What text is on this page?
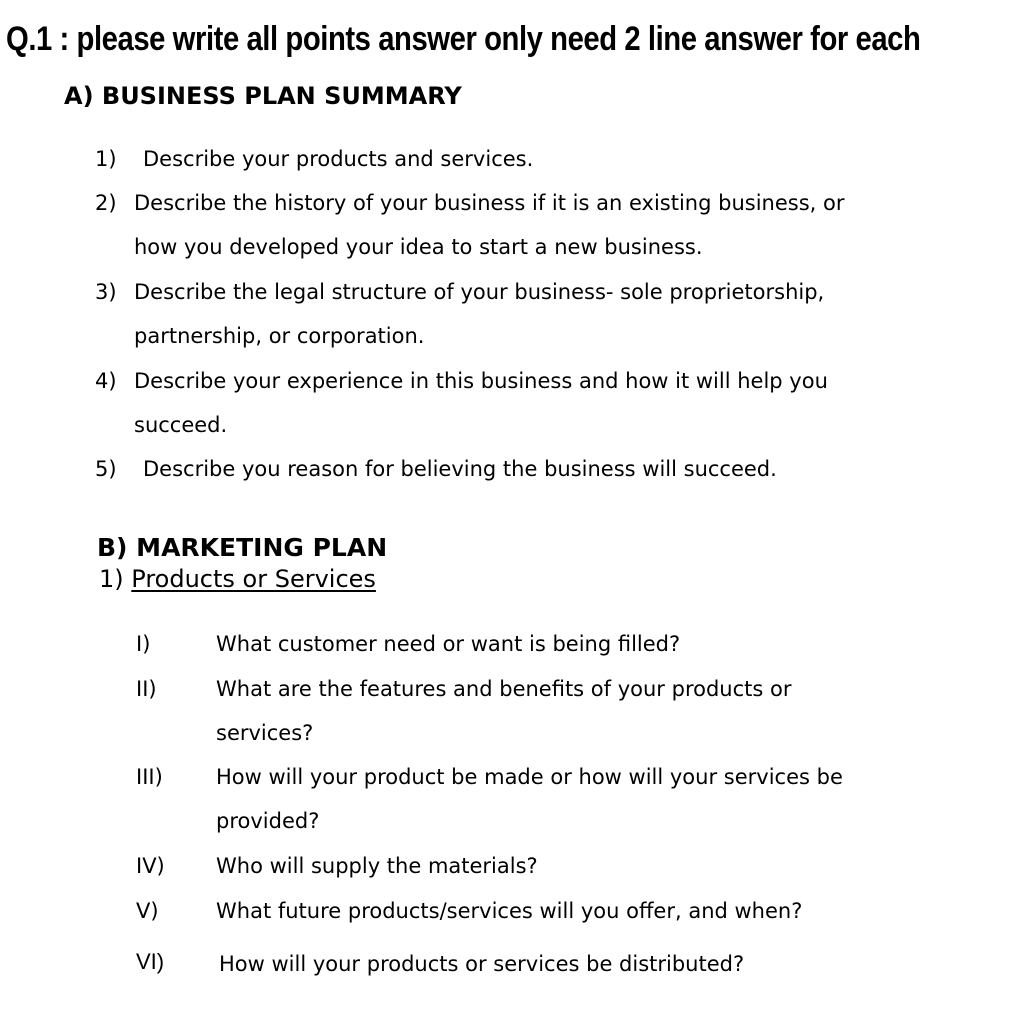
Q.1 : please write all points answer only need 2 line answer for each
A) BUSINESS PLAN SUMMARY
1) Describe your products and services.
2) Describe the history of your business if it is an existing business, or
how you developed your idea to start a new business.
3) Describe the legal structure of your business- sole proprietorship,
partnership, or corporation.
4) Describe your experience in this business and how it will help you
succeed.
5) Describe you reason for believing the business will succeed.
B) MARKETING PLAN
1) Products or Services
I)	What customer need or want is being filled?
II)	What are the features and benefits of your products or
services?
III)	How will your product be made or how will your services be
provided?
IV) Who will supply the materials?
V)	What future products/services will you offer, and when?
VI)	How will your products or services be distributed?
